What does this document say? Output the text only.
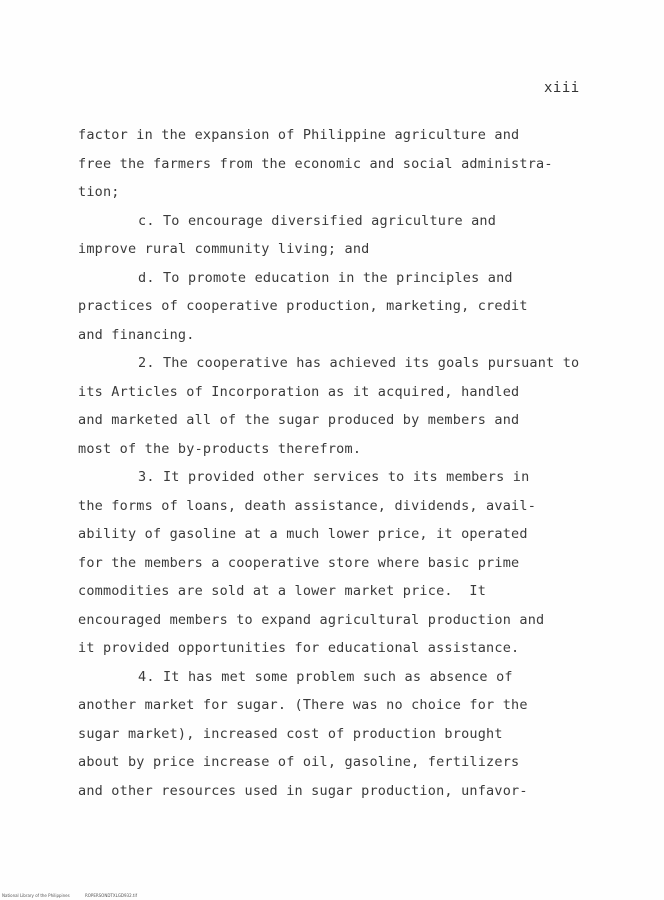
xiii
factor in the expansion of Philippine agriculture and
free the farmers from the economic and social administra-
tion;
c. To encourage diversified agriculture and
improve rural community living; and
d. To promote education in the principles and
practices of cooperative production, marketing, credit
and financing.
2. The cooperative has achieved its goals pursuant to
its Articles of Incorporation as it acquired, handled
and marketed all of the sugar produced by members and
most of the by-products therefrom.
3. It provided other services to its members in
the forms of loans, death assistance, dividends, avail-
ability of gasoline at a much lower price, it operated
for the members a cooperative store where basic prime
commodities are sold at a lower market price.  It
encouraged members to expand agricultural production and
it provided opportunities for educational assistance.
4. It has met some problem such as absence of
another market for sugar. (There was no choice for the
sugar market), increased cost of production brought
about by price increase of oil, gasoline, fertilizers
and other resources used in sugar production, unfavor-
National Library of the Philippines	ROPERSONDTXLGD932.tif
